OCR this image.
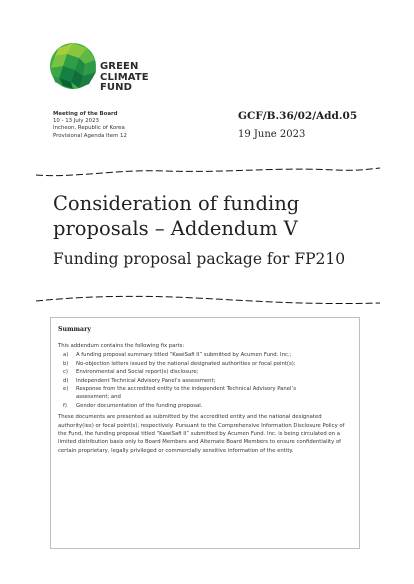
GREEN
CLIMATE
FUND
Meeting of the Board
10 - 13 July 2023
Incheon, Republic of Korea
Provisional Agenda Item 12
GCF/B.36/02/Add.05
19 June 2023
Consideration of funding proposals – Addendum V
Funding proposal package for FP210
Summary
This addendum contains the following fix parts:
a)	A funding proposal summary titled “KawiSafi II” submitted by Acumen Fund. Inc.;
b)	No-objection letters issued by the national designated authorities or focal point(s);
c)	Environmental and Social report(s) disclosure;
d)	Independent Technical Advisory Panel’s assessment;
e)	Response from the accredited entity to the independent Technical Advisory Panel’s assessment; and
f)	Gender documentation of the funding proposal.
These documents are presented as submitted by the accredited entity and the national designated authority(ies) or focal point(s), respectively. Pursuant to the Comprehensive Information Disclosure Policy of the Fund, the funding proposal titled “KawiSafi II” submitted by Acumen Fund. Inc. is being circulated on a limited distribution basis only to Board Members and Alternate Board Members to ensure confidentiality of certain proprietary, legally privileged or commercially sensitive information of the entity.
